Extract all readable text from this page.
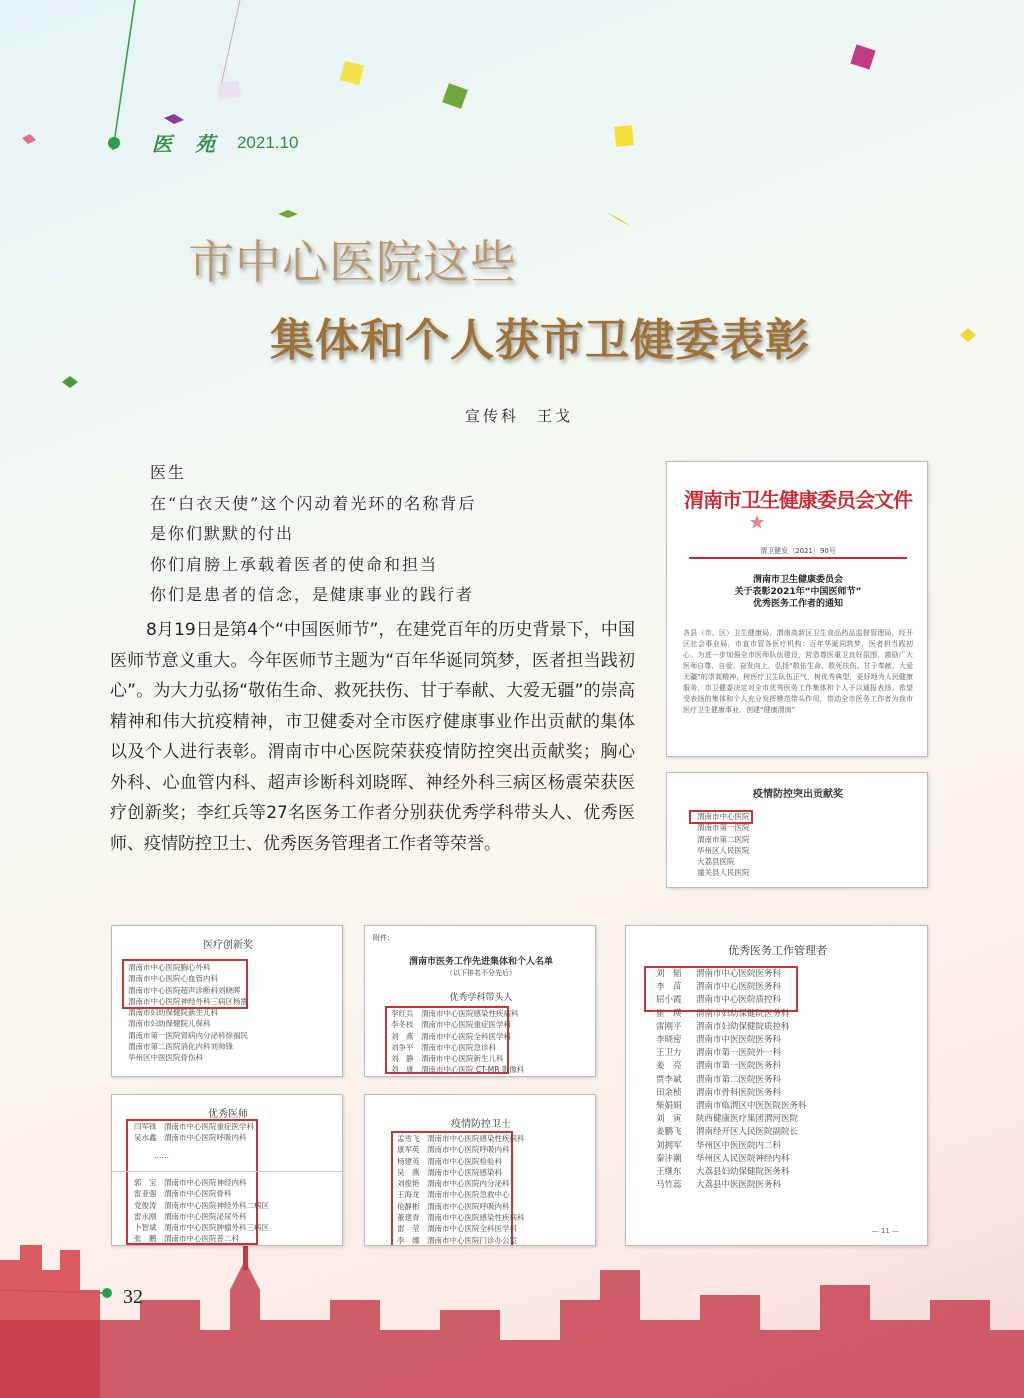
医 苑 2021.10
市中心医院这些
集体和个人获市卫健委表彰
宣传科　王戈
医生
在“白衣天使”这个闪动着光环的名称背后
是你们默默的付出
你们肩膀上承载着医者的使命和担当
你们是患者的信念，是健康事业的践行者

8月19日是第4个“中国医师节”，在建党百年的历史背景下，中国医师节意义重大。今年医师节主题为“百年华诞同筑梦，医者担当践初心”。为大力弘扬“敬佑生命、救死扶伤、甘于奉献、大爱无疆”的崇高精神和伟大抗疫精神，市卫健委对全市医疗健康事业作出贡献的集体以及个人进行表彰。渭南市中心医院荣获疫情防控突出贡献奖；胸心外科、心血管内科、超声诊断科刘晓晖、神经外科三病区杨震荣获医疗创新奖；李红兵等27名医务工作者分别获优秀学科带头人、优秀医师、疫情防控卫士、优秀医务管理者工作者等荣誉。

渭南市卫生健康委员会文件
渭卫健发〔2021〕90号
渭南市卫生健康委员会
关于表彰2021年“中国医师节”
优秀医务工作者的通知
各县（市、区）卫生健康局，渭南高新区卫生食品药品监督管理局，经开区社会事业局，市直市管各医疗机构：百年华诞同筑梦，医者担当践初心。为进一步加强全市医师队伍建设，营造尊医重卫良好氛围，激励广大医师自尊、自爱、奋发向上，弘扬“敬佑生命、救死扶伤、甘于奉献、大爱无疆”的崇高精神，树医疗卫生队伍正气，树优秀典型，更好地为人民健康服务，市卫健委决定对全市优秀医务工作集体和个人予以通报表扬。希望受表扬的集体和个人充分发挥模范带头作用，带动全市医务工作者为我市医疗卫生健康事业、创建“健康渭南”
疫情防控突出贡献奖
渭南市中心医院
渭南市第一医院
渭南市第二医院
华州区人民医院
大荔县医院
潼关县人民医院
医疗创新奖
渭南市中心医院胸心外科
渭南市中心医院心血管内科
渭南市中心医院超声诊断科刘晓晖
渭南市中心医院神经外科三病区杨震
渭南市妇幼保健院新生儿科
渭南市妇幼保健院儿保科
渭南市第一医院肾病内分泌科徐福民
渭南市第二医院消化内科刘帅锋
华州区中医医院骨伤科
附件：
渭南市医务工作先进集体和个人名单
（以下排名不分先后）
优秀学科带头人
李红兵　渭南市中心医院感染性疾病科
李冬枝　渭南市中心医院重症医学科
刘　燕　渭南市中心医院全科医学科
刘争平　渭南市中心医院急诊科
刘　静　渭南市中心医院新生儿科
刘　康　渭南市中心医院 CT-MR 影像科
优秀医师
闫军锋　渭南市中心医院重症医学科
吴水鑫　渭南市中心医院呼吸内科
……
郭　宝　渭南市中心医院神经内科
雷亚强　渭南市中心医院骨科
党俊涛　渭南市中心医院神经外科二病区
雷永刚　渭南市中心医院泌尿外科
卜智斌　渭南市中心医院肿瘤外科三病区
张　鹏　渭南市中心医院普二科
疫情防控卫士
孟雪飞　渭南市中心医院感染性疾病科
康军英　渭南市中心医院呼吸内科
杨建英　渭南市中心医院检验科
吴　燕　渭南市中心医院感染科
刘俊艳　渭南市中心医院内分泌科
王海龙　渭南市中心医院急救中心
伦静彬　渭南市中心医院呼吸内科
董建青　渭南市中心医院感染性疾病科
雷　莹　渭南市中心医院全科医学科
李　娜　渭南市中心医院门诊办公室
优秀医务工作管理者
刘　韬
李　苗
屈小霞
崔　瑛
雷刚平
李晓密
王卫力
姜　亮
贾李斌
田余桢
柴娟娟
刘　寅
姜鹏飞
刘拥军
秦沣潮
王继东
马竹蕊
渭南市中心医院医务科
渭南市中心医院医务科
渭南市中心医院质控科
渭南市妇幼保健院医务科
渭南市妇幼保健院质控科
渭南市中医医院医务科
渭南市第一医院外一科
渭南市第一医院医务科
渭南市第二医院医务科
渭南市骨科医院医务科
渭南市临渭区中医医院医务科
陕西健康医疗集团渭河医院
渭南经开区人民医院副院长
华州区中医医院内二科
华州区人民医院神经内科
大荔县妇幼保健院医务科
大荔县中医医院医务科
— 11 —
32
